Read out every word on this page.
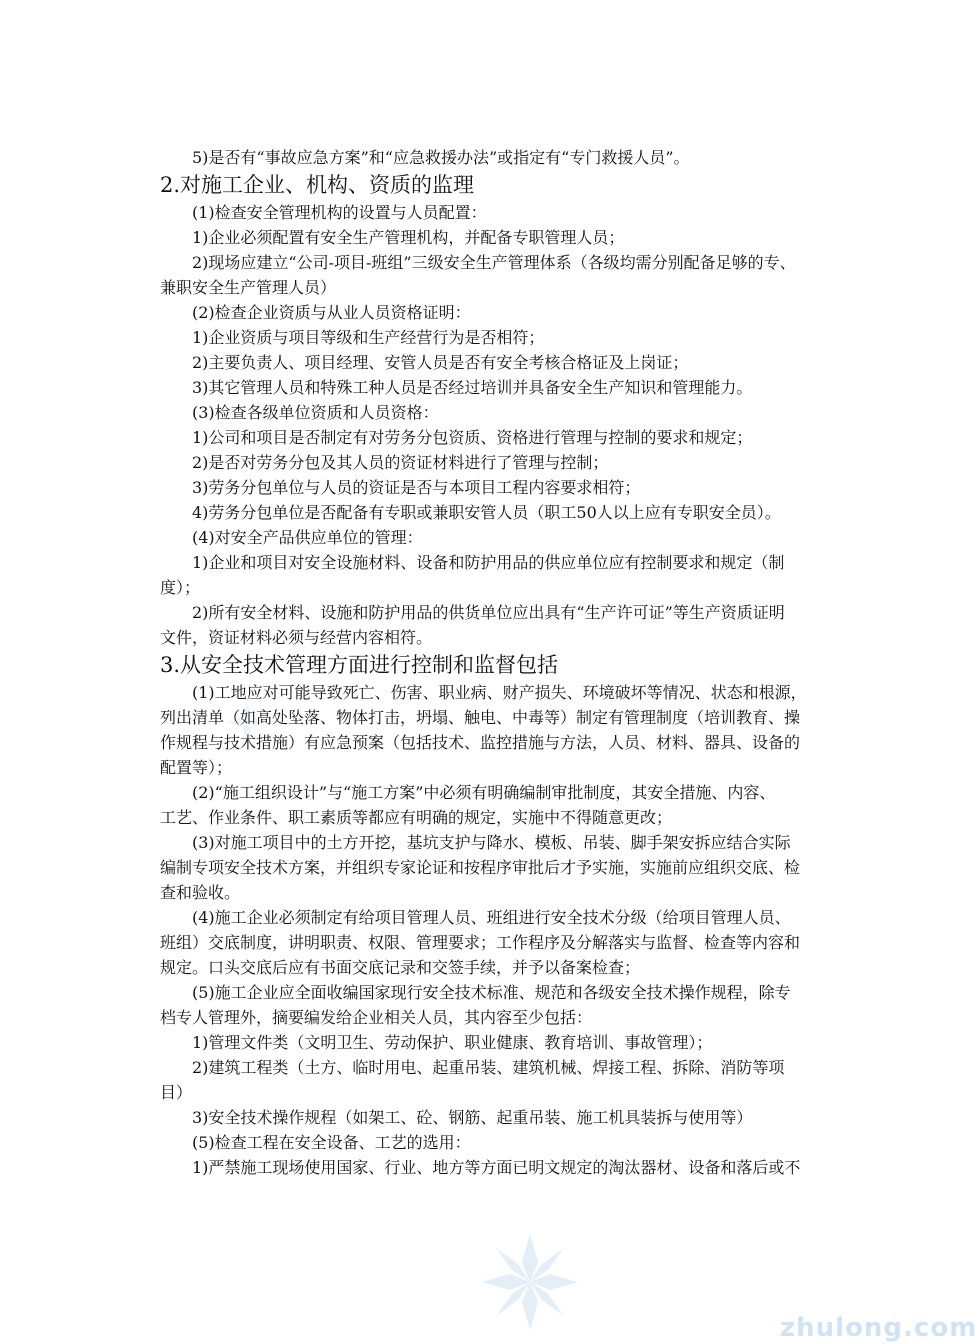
5)是否有“事故应急方案”和“应急救援办法”或指定有“专门救援人员”。
2.对施工企业、机构、资质的监理
(1)检查安全管理机构的设置与人员配置：
1)企业必须配置有安全生产管理机构，并配备专职管理人员；
2)现场应建立“公司-项目-班组”三级安全生产管理体系（各级均需分别配备足够的专、
兼职安全生产管理人员）
(2)检查企业资质与从业人员资格证明：
1)企业资质与项目等级和生产经营行为是否相符；
2)主要负责人、项目经理、安管人员是否有安全考核合格证及上岗证；
3)其它管理人员和特殊工种人员是否经过培训并具备安全生产知识和管理能力。
(3)检查各级单位资质和人员资格：
1)公司和项目是否制定有对劳务分包资质、资格进行管理与控制的要求和规定；
2)是否对劳务分包及其人员的资证材料进行了管理与控制；
3)劳务分包单位与人员的资证是否与本项目工程内容要求相符；
4)劳务分包单位是否配备有专职或兼职安管人员（职工50人以上应有专职安全员）。
(4)对安全产品供应单位的管理：
1)企业和项目对安全设施材料、设备和防护用品的供应单位应有控制要求和规定（制
度）；
2)所有安全材料、设施和防护用品的供货单位应出具有“生产许可证”等生产资质证明
文件，资证材料必须与经营内容相符。
3.从安全技术管理方面进行控制和监督包括
(1)工地应对可能导致死亡、伤害、职业病、财产损失、环境破坏等情况、状态和根源，
列出清单（如高处坠落、物体打击，坍塌、触电、中毒等）制定有管理制度（培训教育、操
作规程与技术措施）有应急预案（包括技术、监控措施与方法，人员、材料、器具、设备的
配置等）；
(2)“施工组织设计”与“施工方案”中必须有明确编制审批制度，其安全措施、内容、
工艺、作业条件、职工素质等都应有明确的规定，实施中不得随意更改；
(3)对施工项目中的土方开挖，基坑支护与降水、模板、吊装、脚手架安拆应结合实际
编制专项安全技术方案，并组织专家论证和按程序审批后才予实施，实施前应组织交底、检
查和验收。
(4)施工企业必须制定有给项目管理人员、班组进行安全技术分级（给项目管理人员、
班组）交底制度，讲明职责、权限、管理要求；工作程序及分解落实与监督、检查等内容和
规定。口头交底后应有书面交底记录和交签手续，并予以备案检查；
(5)施工企业应全面收编国家现行安全技术标准、规范和各级安全技术操作规程，除专
档专人管理外，摘要编发给企业相关人员，其内容至少包括：
1)管理文件类（文明卫生、劳动保护、职业健康、教育培训、事故管理）；
2)建筑工程类（土方、临时用电、起重吊装、建筑机械、焊接工程、拆除、消防等项
目）
3)安全技术操作规程（如架工、砼、钢筋、起重吊装、施工机具装拆与使用等）
(5)检查工程在安全设备、工艺的选用：
1)严禁施工现场使用国家、行业、地方等方面已明文规定的淘汰器材、设备和落后或不
zhulong.com
